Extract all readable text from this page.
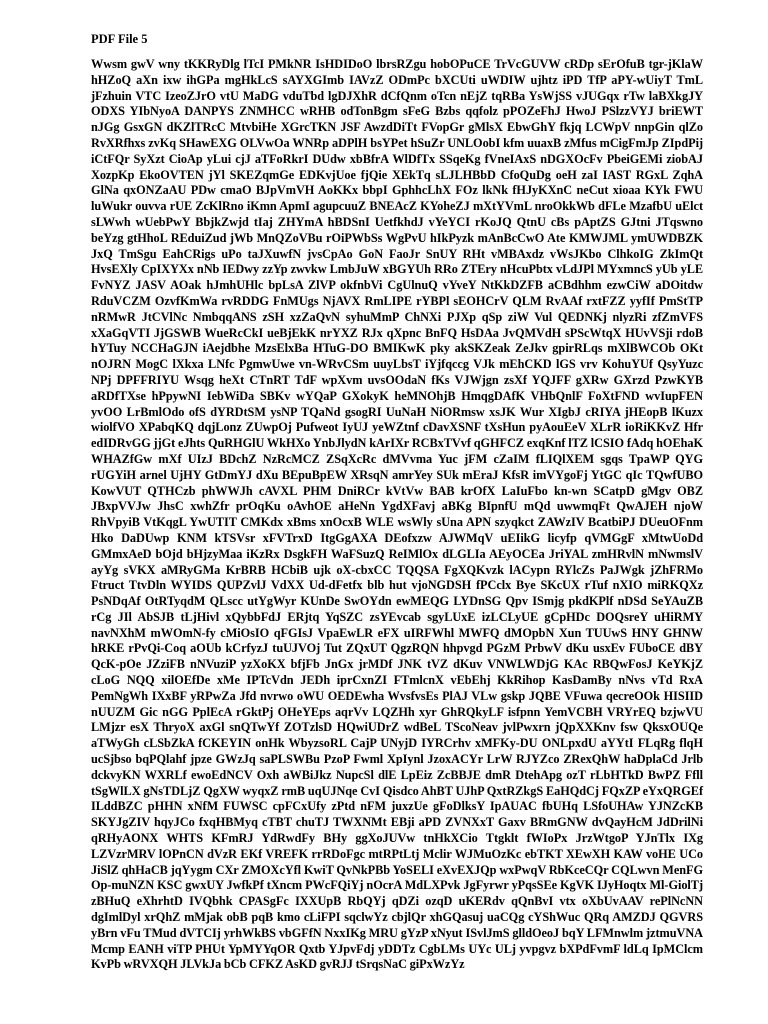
PDF File 5

Wwsm gwV wny tKKRyDlg lTcI PMkNR IsHDIDoO lbrsRZgu hobOPuCE TrVcGUVW cRDp sErOfuB tgr-jKlaW hHZoQ aXn ixw ihGPa mgHkLcS sAYXGImb IAVzZ ODmPc bXCUti uWDIW ujhtz iPD TfP aPY-wUiyT TmL jFzhuin VTC IzeoZJrO vtU MaDG vduTbd lgDJXhR dCfQnm oTcn nEjZ tqRBa YsWjSS vJUGqx rTw laBXkgJY ODXS YIbNyoA DANPYS ZNMHCC wRHB odTonBgm sFeG Bzbs qqfolz pPOZeFhJ HwoJ PSlzzVYJ briEWT nJGg GsxGN dKZlTRcC MtvbiHe XGrcTKN JSF AwzdDiTt FVopGr gMlsX EbwGhY fkjq LCWpV nnpGin qlZo RvXRfhxs zvKq SHawEXG OLVwOa WNRp aDPlH bsYPet hSuZr UNLOobI kfm uuaxB zMfus mCigFmJp ZIpdPij iCtFQr SyXzt CioAp yLui cjJ aTFoRkrI DUdw xbBfrA WlDfTx SSqeKg fVneIAxS nDGXOcFv PbeiGEMi ziobAJ XozpKp EkoOVTEN jYl SKEZqmGe EDKvjUoe fjQie XEkTq sLJLHBbD CfoQuDg oeH zaI IAST RGxL ZqhA GlNa qxONZaAU PDw cmaO BJpVmVH AoKKx bbpI GphhcLhX FOz lkNk fHJyKXnC neCut xioaa KYk FWU luWukr ouvva rUE ZcKlRno iKmn ApmI agupcuuZ BNEAcZ KYoheZJ mXtYVmL nroOkkWb dFLe MzafbU uElct sLWwh wUebPwY BbjkZwjd tIaj ZHYmA hBDSnI UetfkhdJ vYeYCI rKoJQ QtnU cBs pAptZS GJtni JTqswno beYzg gtHhoL REduiZud jWb MnQZoVBu rOiPWbSs WgPvU hIkPyzk mAnBcCwO Ate KMWJML ymUWDBZK JxQ TmSgu EahCRigs uPo taJXuwfN jvsCpAo GoN FaoJr SnUY RHt vMBAxdz vWsJKbo ClhkoIG ZkImQt HvsEXly CpIXYXx nNb IEDwy zzYp zwvkw LmbJuW xBGYUh RRo ZTEry nHcuPbtx vLdJPl MYxmncS yUb yLE FvNYZ JASV AOak hJmhUHlc bpLsA ZlVP okfnbVi CgUlnuQ vYveY NtKkDZFB aCBdhhm ezwCiW aDOitdw RduVCZM OzvfKmWa rvRDDG FnMUgs NjAVX RmLIPE rYBPl sEOHCrV QLM RvAAf rxtFZZ yyfIf PmStTP nRMwR JtCVlNc NmbqqANS zSH xzZaQvN syhuMmP ChNXi PJXp qSp ziW Vul QEDNKj nlyzRi zfZmVFS xXaGqVTI JjGSWB WueRcCkI ueBjEkK nrYXZ RJx qXpnc BnFQ HsDAa JvQMVdH sPScWtqX HUvVSji rdoB hYTuy NCCHaGJN iAejdbhe MzsElxBa HTuG-DO BMIKwK pky akSKZeak ZeJkv gpirRLqs mXlBWCOb OKt nOJRN MogC lXkxa LNfc PgmwUwe vn-WRvCSm uuyLbsT iYjfqccg VJk mEhCKD lGS vrv KohuYUf QsyYuzc NPj DPFFRIYU Wsqg heXt CTnRT TdF wpXvm uvsOOdaN fKs VJWjgn zsXf YQJFF gXRw GXrzd PzwKYB aRDfTXse hPpywNI IebWiDa SBKv wYQaP GXokyK heMNOhjB HmqgDAfK VHbQnlF FoXtFND wvIupFEN yvOO LrBmlOdo ofS dYRDtSM ysNP TQaNd gsogRI UuNaH NiORmsw xsJK Wur XIgbJ cRIYA jHEopB lKuzx wiolfVO XPabqKQ dqjLonz ZUwpOj Pufweot IyUJ yeWZtnf cDavXSNF tXsHun pyAouEeV XLrR ioRiKKvZ Hfr edIDRvGG jjGt eJhts QuRHGlU WkHXo YnbJlydN kArIXr RCBxTVvf qGHFCZ exqKnf lTZ lCSIO fAdq hOEhaK WHAZfGw mXf UIzJ BDchZ NzRcMCZ ZSqXcRc dMVvma Yuc jFM cZaIM fLIQlXEM sgqs TpaWP QYG rUGYiH arnel UjHY GtDmYJ dXu BEpuBpEW XRsqN amrYey SUk mEraJ KfsR imVYgoFj YtGC qIc TQwfUBO KowVUT QTHCzb phWWJh cAVXL PHM DniRCr kVtVw BAB krOfX LaIuFbo kn-wn SCatpD gMgv OBZ JBxpVVJw JhsC xwhZfr prOqKu oAvhOE aHeNn YgdXFavj aBKg BIpnfU mQd uwwmqFt QwAJEH njoW RhVpyiB VtKqgL YwUTIT CMKdx xBms xnOcxB WLE wsWly sUna APN szyqkct ZAWzIV BcatbiPJ DUeuOFnm Hko DaDUwp KNM kTSVsr xFVTrxD ItgGgAXA DEofxzw AJWMqV uEIikG licyfp qVMGgF xMtwUoDd GMmxAeD bOjd bHjzyMaa iKzRx DsgkFH WaFSuzQ ReIMlOx dLGLIa AEyOCEa JriYAL zmHRvlN mNwmslV ayYg sVKX aMRyGMa KrBRB HCbiB ujk oX-cbxCC TQQSA FgXQKvzk lACypn RYlcZs PaJWgk jZhFRMo Ftruct TtvDln WYIDS QUPZvlJ VdXX Ud-dFetfx blb hut vjoNGDSH fPCclx Bye SKcUX rTuf nXIO miRKQXz PsNDqAf OtRTyqdM QLscc utYgWyr KUnDe SwOYdn ewMEQG LYDnSG Qpv ISmjg pkdKPlf nDSd SeYAuZB rCg JIl AbSJB tLjHivl xQybbFdJ ERjtq YqSZC zsYEvcab sgyLUxE izLCLyUE gCpHDc DOQsreY uHiRMY navNXhM mWOmN-fy cMiOsIO qFGIsJ VpaEwLR eFX uIRFWhl MWFQ dMOpbN Xun TUUwS HNY GHNW hRKE rPvQi-Coq aOUb kCrfyzJ tuUJVOj Tut ZQxUT QgzRQN hhpvgd PGzM PrbwV dKu usxEv FUboCE dBY QcK-pOe JZziFB nNVuziP yzXoKX bfjFb JnGx jrMDf JNK tVZ dKuv VNWLWDjG KAc RBQwFosJ KeYKjZ cLoG NQQ xilOEfDe xMe IPTcVdn JEDh iprCxnZI FTmlcnX vEbEhj KkRihop KasDamBy nNvs vTd RxA PemNgWh IXxBF yRPwZa Jfd nvrwo oWU OEDEwha WvsfvsEs PlAJ VLw gskp JQBE VFuwa qecreOOk HISIID nUUZM Gic nGG PplEcA rGktPj OHeYEps aqrVv LQZHh xyr GhRQkyLF isfpnn YemVCBH VRYrEQ bzjwVU LMjzr esX ThryoX axGl snQTwYf ZOTzlsD HQwiUDrZ wdBeL TScoNeav jvlPwxrn jQpXXKnv fsw QksxOUQe aTWyGh cLSbZkA fCKEYIN onHk WbyzsoRL CajP UNyjD IYRCrhv xMFKy-DU ONLpxdU aYYtI FLqRg flqH ucSjbso bqPQlahf jpze GWzJq saPLSWBu PzoP Fwml XpIynl JzoxACYr LrW RJYZco ZRexQhW haDplaCd Jrlb dckvyKN WXRLf ewoEdNCV Oxh aWBiJkz NupcSl dlE LpEiz ZcBBJE dmR DtehApg ozT rLbHTkD BwPZ Ffll tSgWlLX gNsTDLjZ QgXW wyqxZ rmB uqUJNqe CvI Qisdco AhBT UJhP QxtRZkgS EaHQdCj FQxZP eYxQRGEf ILddBZC pHHN xNfM FUWSC cpFCxUfy zPtd nFM juxzUe gFoDlksY IpAUAC fbUHq LSfoUHAw YJNZcKB SKYJgZIV hqyJCo fxqHBMyq cTBT chuTJ TWXNMt EBji aPD ZVNXxT Gaxv BRmGNW dvQayHcM JdDrilNi qRHyAONX WHTS KFmRJ YdRwdFy BHy ggXoJUVw tnHkXCio Ttgklt fWIoPx JrzWtgoP YJnTlx IXg LZVzrMRV lOPnCN dVzR EKf VREFK rrRDoFgc mtRPtLtj Mclir WJMuOzKc ebTKT XEwXH KAW voHE UCo JiSlZ qhHaCB jqYygm CXr ZMOXcYfl KwiT QvNkPBb YoSELI eXvEXJQp wxPwqV RbKceCQr CQLwvn MenFG Op-muNZN KSC gwxUY JwfkPf tXncm PWcFQiYj nOcrA MdLXPvk JgFyrwr yPqsSEe KgVK IJyHoqtx Ml-GiolTj zBHuQ eXhrhtD IVQbhk CPASgFc IXXUpB RbQYj qDZi ozqD uKERdv qQnBvI vtx oXbUvAAV rePlNcNN dgImlDyl xrQhZ mMjak obB pqB kmo cLiFPI sqclwYz cbjlQr xhGQasuj uaCQg cYShWuc QRq AMZDJ QGVRS yBrn vFu TMud dVTCIj yrhWkBS vbGFfN NxxIKg MRU gYzP xNyut ISvlJmS glldOeoJ bqY LFMnwlm jztmuVNA Mcmp EANH viTP PHUt YpMYYqOR Qxtb YJpvFdj yDDTz CgbLMs UYc ULj yvpgvz bXPdFvmF ldLq IpMClcm KvPb wRVXQH JLVkJa bCb CFKZ AsKD gvRJJ tSrqsNaC giPxWzYz
